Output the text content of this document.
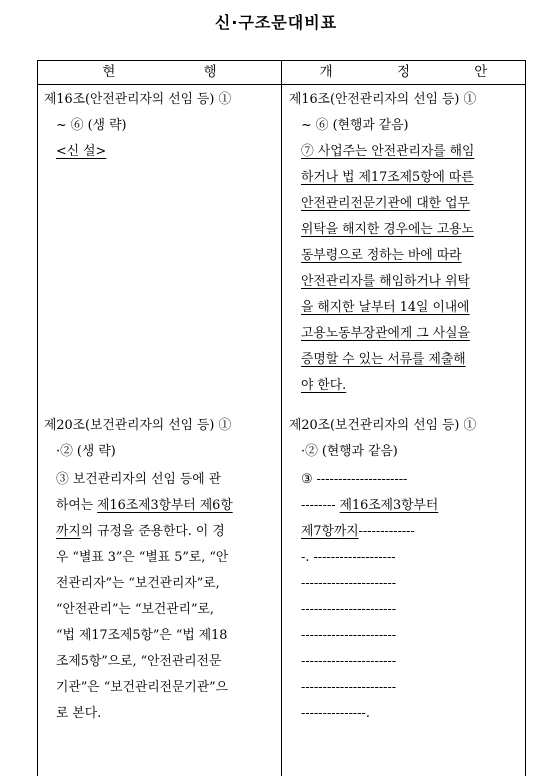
신·구조문대비표
현 행	개 정 안
제16조(안전관리자의 선임 등) ①
~ ⑥ (생 략)
<신 설>
제20조(보건관리자의 선임 등) ①
·② (생 략)
③ 보건관리자의 선임 등에 관
하여는 제16조제3항부터 제6항
까지의 규정을 준용한다. 이 경
우 “별표 3”은 “별표 5”로, “안
전관리자”는 “보건관리자”로,
“안전관리”는 “보건관리”로,
“법 제17조제5항”은 “법 제18
조제5항”으로, “안전관리전문
기관”은 “보건관리전문기관”으
로 본다.
제16조(안전관리자의 선임 등) ①
~ ⑥ (현행과 같음)
⑦ 사업주는 안전관리자를 해임
하거나 법 제17조제5항에 따른
안전관리전문기관에 대한 업무
위탁을 해지한 경우에는 고용노
동부령으로 정하는 바에 따라
안전관리자를 해임하거나 위탁
을 해지한 날부터 14일 이내에
고용노동부장관에게 그 사실을
증명할 수 있는 서류를 제출해
야 한다.
제20조(보건관리자의 선임 등) ①
·② (현행과 같음)
③ ---------------------
-------- 제16조제3항부터
제7항까지-------------
-. -------------------
----------------------
----------------------
----------------------
----------------------
----------------------
---------------.
